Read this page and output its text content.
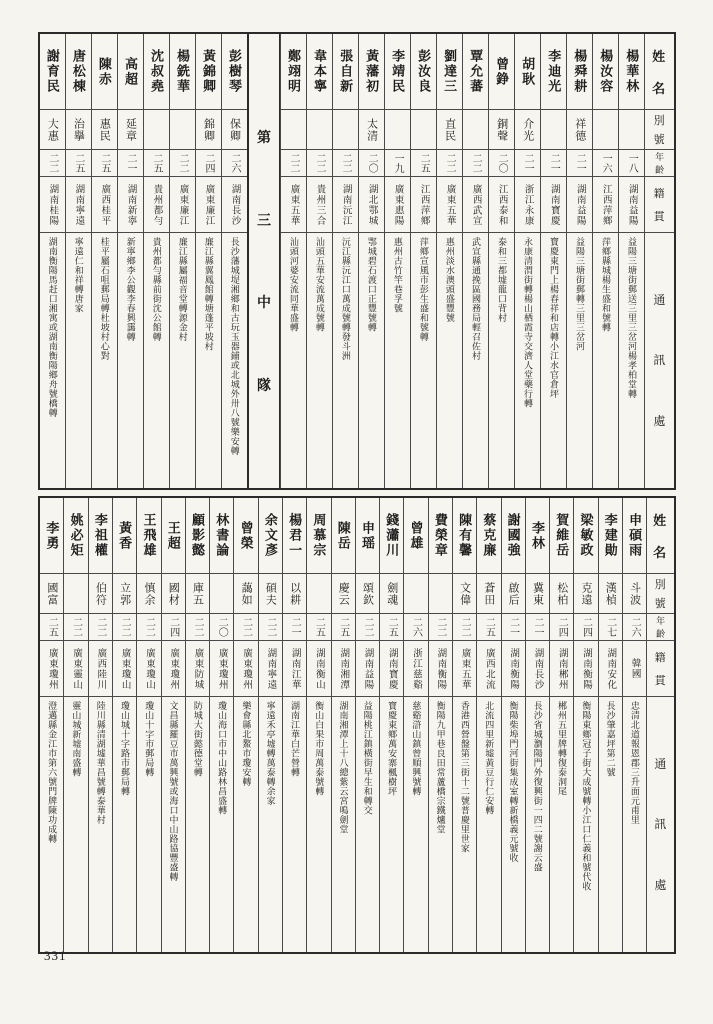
姓
名
別
號
年
齡
籍
貫
通
訊
處
楊華林
一八
湖南益陽
益陽三塘街郵送三里三岔河楊孝柏堂轉
楊汝容
一六
江西萍鄉
萍鄉縣城楊生盛和號轉
楊舜耕
祥德
二一
湖南益陽
益陽三塘街郵轉三里三岔河
李迪光
二一
湖南寶慶
寶慶東門上楊春祥和店轉小江水官倉坪
胡耿
介光
二一
浙江永康
永康清渭街轉楊山栖霞寺交濟人堂藥行轉
曾錚
銅聲
二〇
江西泰和
泰和三都墟龍口背村
覃允蕃
二二
廣西武宣
武宣縣通挽區國務局輕召佐村
劉達三
直民
二二
廣東五華
惠州淡水澳頭盛豐號
彭汝良
二五
江西萍鄉
萍鄉宣風市彭生盛和號轉
李靖民
一九
廣東惠陽
惠州古竹竿巷孚號
黃藩初
太清
二〇
湖北鄂城
鄂城碧石渡口正豐號轉
張自新
二二
湖南沅江
沅江縣沅江口萬成號轉發斗洲
韋本寧
二二
貴州三合
汕頭五華安流萬成號轉
鄭翊明
二二
廣東五華
汕頭河婆安流同華盛轉
第
三
中
隊
彭樹琴
保卿
二六
湖南長沙
長沙藩城堤湘鄉和古玩玉器鋪或北城外卅八號樂安轉
黃錦卿
錦卿
二四
廣東廉江
廉江縣翼鳳館轉塘蓬平坡村
楊銑華
二二
廣東廉江
廉江縣屬福音堂轉源金村
沈叔堯
二五
貴州都勻
貴州都勻縣前街沈公館轉
高超
延章
二一
湖南新寧
新寧鄉李公觀李春興靄轉
陳赤
惠民
二五
廣西桂平
桂平屬石咀郵局轉杜坡村心對
唐松棟
治擧
二五
湖南寧遠
寧遠仁和祥轉唐家
謝育民
大惠
二二
湖南桂陽
湖南衡陽馬赶口湘寓或湖南衡陽鄉舟號橋轉
姓
名
別
號
年
齡
籍
貫
通
訊
處
申碩雨
斗波
二六
韓國
忠清北道報恩郡三升面元甫里
李建勛
漢楨
二七
湖南安化
長沙肇嘉坪第二號
梁敏政
克遠
二四
湖南衡陽
衡陽東鄉冠子街大成號轉小江口仁義和號代收
賀維岳
松柏
二四
湖南郴州
郴州五里牌轉復泰洞尾
李林
冀東
二一
湖南長沙
長沙省城瀏陽門外復興街一四二號謝云盛
謝國強
啟后
二一
湖南衡陽
衡陽柴埠門河街集成室轉新橋義元號收
蔡克廉
蒼田
二五
廣西北流
北流四里新墟黃豆行仁安轉
陳有馨
文偉
二二
廣東五華
香港西營盤第三街十二號普慶里世家
費榮章
二二
湖南衡陽
衡陽九甲巷良田常蘆橋宗鐵爐堂
曾雄
二六
浙江慈谿
慈谿滸山鎮曾順興號轉
錢瀟川
劍魂
二五
湖南寶慶
寶慶東鄉萬安寨楓樹坪
申瑶
頌欽
二二
湖南益陽
益陽桃江鎮橫街早生和轉交
陳岳
慶云
二五
湖南湘潭
湖南湘潭上十八總紫云宮鳴劍堂
周慕宗
二五
湖南衡山
衡山白果市周萬泰號轉
楊君一
以耕
二一
湖南江華
湖南江華白芒營轉
余文彥
碩夫
二二
湖南寧遠
寧遠禾亭墟轉萬泰轉余家
曾榮
藹如
二二
廣東瓊州
樂會縣北鰲市瓊安轉
林書論
二〇
廣東瓊州
瓊山海口市中山路林昌盛轉
顧影懿
庫五
二二
廣東防城
防城大街懿德堂轉
王超
國材
二四
廣東瓊州
文昌縣羅豆市萬興號或海口中山路協豐盛轉
王飛雄
慎余
二二
廣東瓊山
瓊山十字市郵局轉
黃香
立郭
二二
廣東瓊山
瓊山城十字路市郵局轉
李祖權
伯符
二二
廣西陸川
陸川縣清湖墟華昌號轉泰華村
姚必矩
二二
廣東靈山
靈山城新墟南盛轉
李勇
國富
二五
廣東瓊州
澄邁縣金江市第六號門牌陳功成轉
331
